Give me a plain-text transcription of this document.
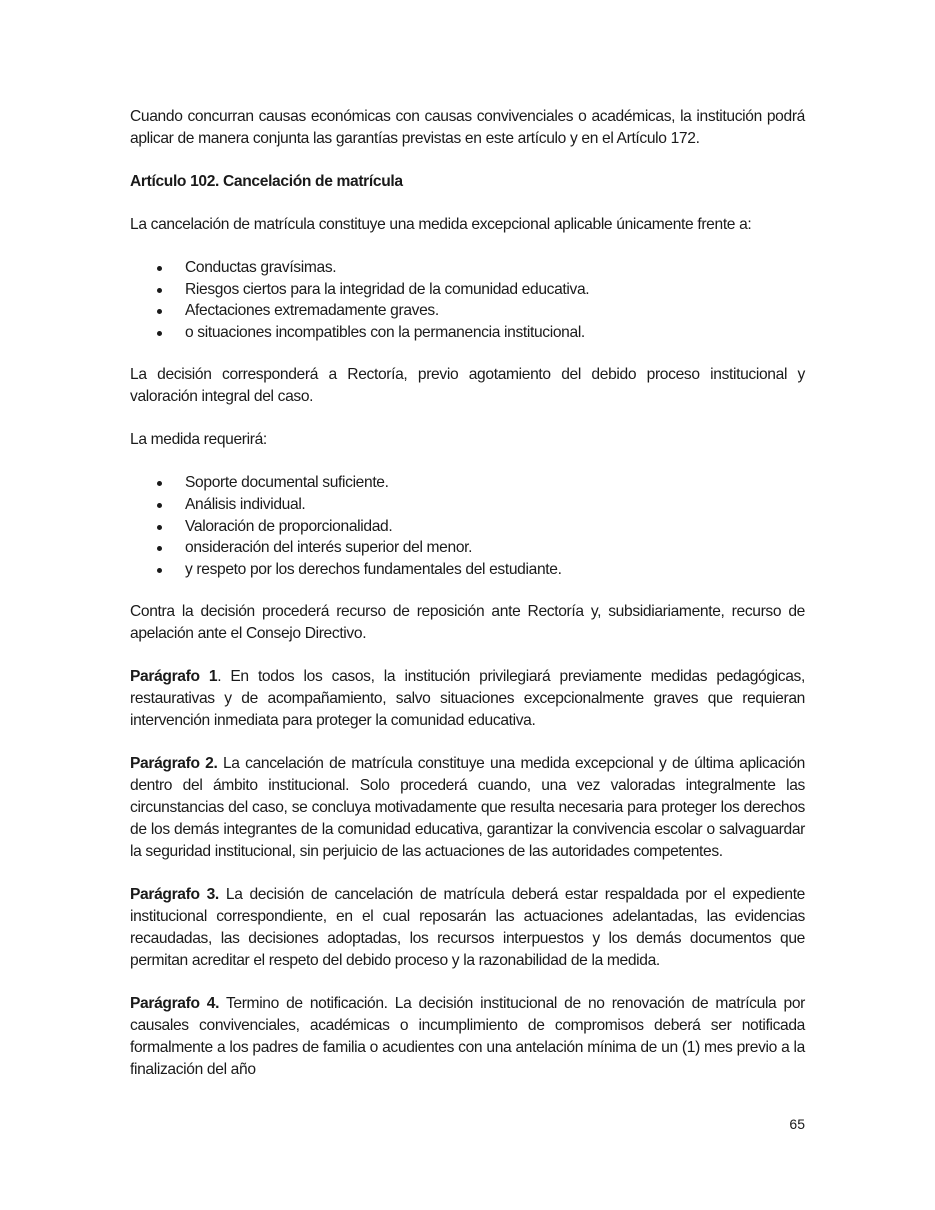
Cuando concurran causas económicas con causas convivenciales o académicas, la institución podrá aplicar de manera conjunta las garantías previstas en este artículo y en el Artículo 172.

Artículo 102. Cancelación de matrícula

La cancelación de matrícula constituye una medida excepcional aplicable únicamente frente a:

Conductas gravísimas.
Riesgos ciertos para la integridad de la comunidad educativa.
Afectaciones extremadamente graves.
o situaciones incompatibles con la permanencia institucional.

La decisión corresponderá a Rectoría, previo agotamiento del debido proceso institucional y valoración integral del caso.

La medida requerirá:

Soporte documental suficiente.
Análisis individual.
Valoración de proporcionalidad.
onsideración del interés superior del menor.
y respeto por los derechos fundamentales del estudiante.

Contra la decisión procederá recurso de reposición ante Rectoría y, subsidiariamente, recurso de apelación ante el Consejo Directivo.

Parágrafo 1. En todos los casos, la institución privilegiará previamente medidas pedagógicas, restaurativas y de acompañamiento, salvo situaciones excepcionalmente graves que requieran intervención inmediata para proteger la comunidad educativa.

Parágrafo 2. La cancelación de matrícula constituye una medida excepcional y de última aplicación dentro del ámbito institucional. Solo procederá cuando, una vez valoradas integralmente las circunstancias del caso, se concluya motivadamente que resulta necesaria para proteger los derechos de los demás integrantes de la comunidad educativa, garantizar la convivencia escolar o salvaguardar la seguridad institucional, sin perjuicio de las actuaciones de las autoridades competentes.

Parágrafo 3. La decisión de cancelación de matrícula deberá estar respaldada por el expediente institucional correspondiente, en el cual reposarán las actuaciones adelantadas, las evidencias recaudadas, las decisiones adoptadas, los recursos interpuestos y los demás documentos que permitan acreditar el respeto del debido proceso y la razonabilidad de la medida.

Parágrafo 4. Termino de notificación. La decisión institucional de no renovación de matrícula por causales convivenciales, académicas o incumplimiento de compromisos deberá ser notificada formalmente a los padres de familia o acudientes con una antelación mínima de un (1) mes previo a la finalización del año

65
